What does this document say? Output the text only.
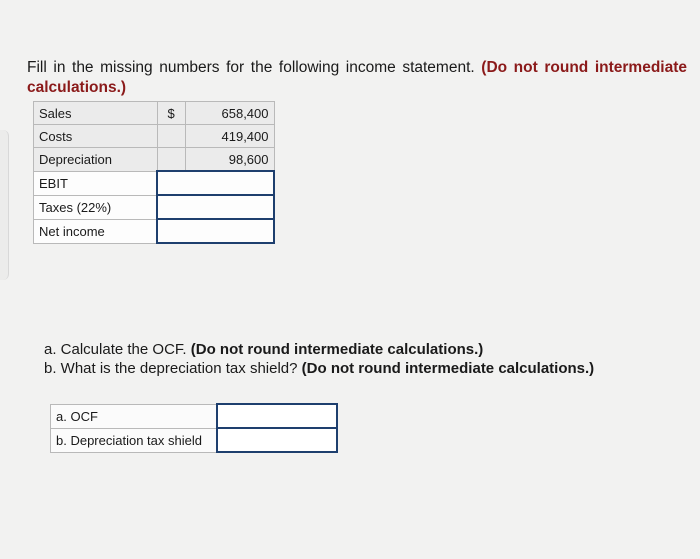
Fill in the missing numbers for the following income statement. (Do not round intermediate calculations.)
Sales	$	658,400
Costs		419,400
Depreciation		98,600
EBIT		
Taxes (22%)		
Net income		
a. Calculate the OCF. (Do not round intermediate calculations.)
b. What is the depreciation tax shield? (Do not round intermediate calculations.)
a. OCF	
b. Depreciation tax shield	
